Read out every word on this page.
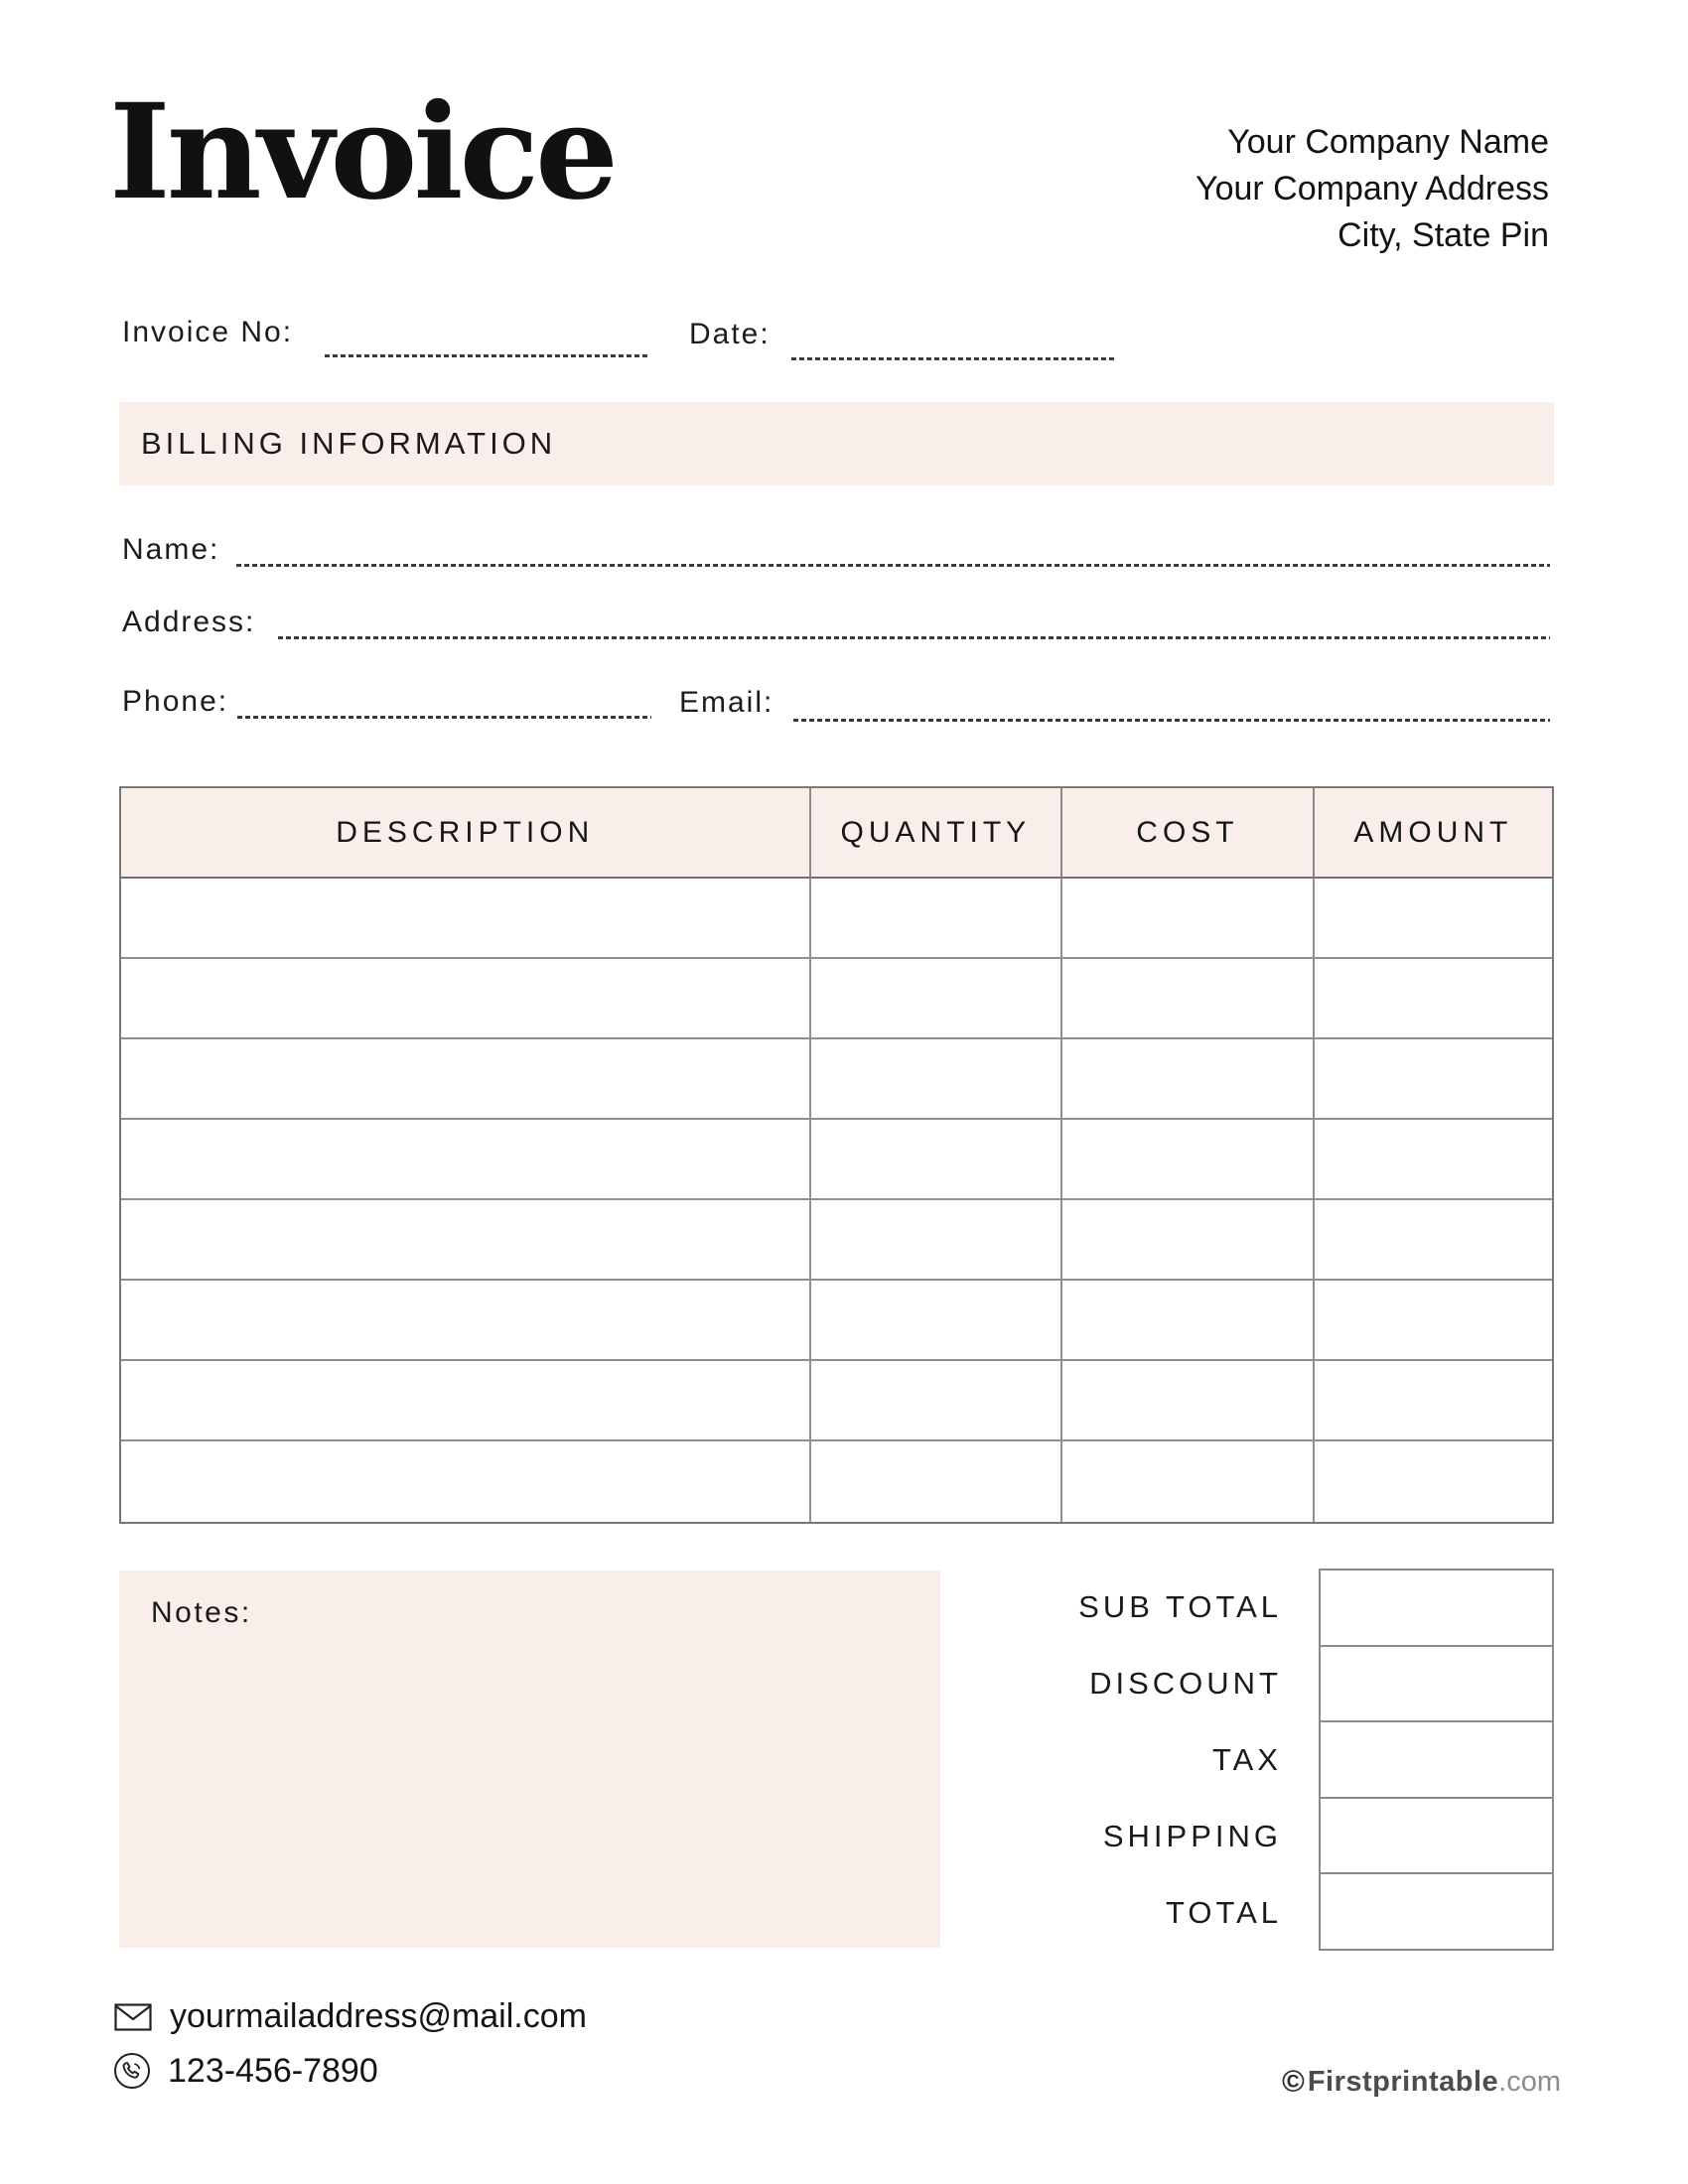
Invoice	Your Company Name
Your Company Address
City, State Pin
Invoice No:	Date:
BILLING INFORMATION
Name:
Address:
Phone:	Email:
DESCRIPTION	QUANTITY	COST	AMOUNT
Notes:	SUB TOTAL
DISCOUNT
TAX
SHIPPING
TOTAL
yourmailaddress@mail.com
123-456-7890	© Firstprintable .com
